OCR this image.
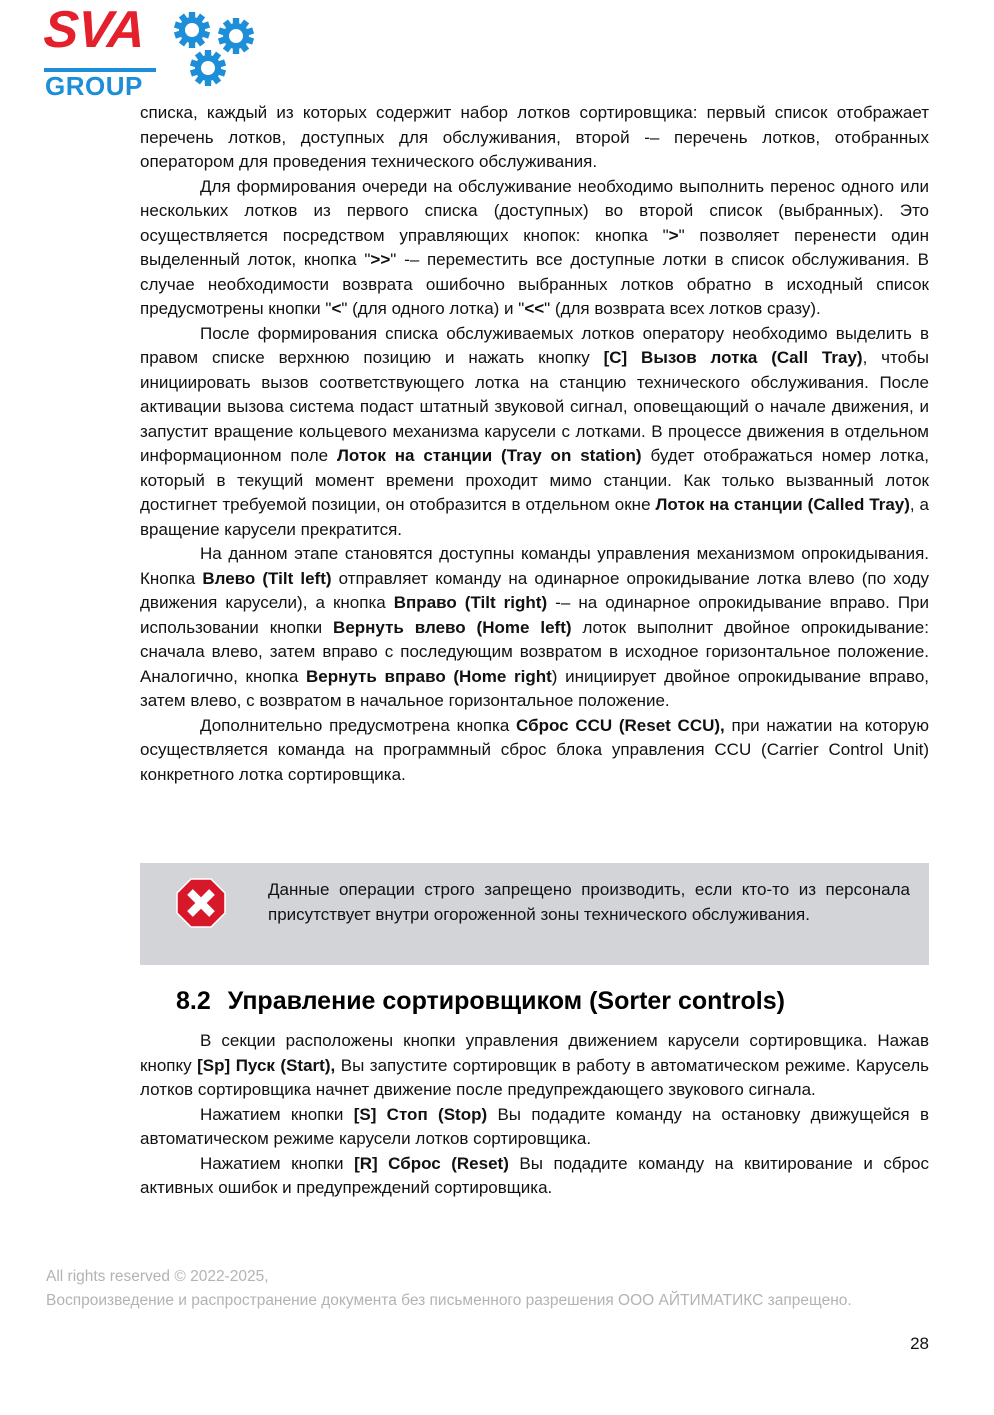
SVA
GROUP

списка, каждый из которых содержит набор лотков сортировщика: первый список отображает перечень лотков, доступных для обслуживания, второй -– перечень лотков, отобранных оператором для проведения технического обслуживания.

Для формирования очереди на обслуживание необходимо выполнить перенос одного или нескольких лотков из первого списка (доступных) во второй список (выбранных). Это осуществляется посредством управляющих кнопок: кнопка ">" позволяет перенести один выделенный лоток, кнопка ">>" -– переместить все доступные лотки в список обслуживания. В случае необходимости возврата ошибочно выбранных лотков обратно в исходный список предусмотрены кнопки "<" (для одного лотка) и "<<" (для возврата всех лотков сразу).

После формирования списка обслуживаемых лотков оператору необходимо выделить в правом списке верхнюю позицию и нажать кнопку [C] Вызов лотка (Call Tray), чтобы инициировать вызов соответствующего лотка на станцию технического обслуживания. После активации вызова система подаст штатный звуковой сигнал, оповещающий о начале движения, и запустит вращение кольцевого механизма карусели с лотками. В процессе движения в отдельном информационном поле Лоток на станции (Tray on station) будет отображаться номер лотка, который в текущий момент времени проходит мимо станции. Как только вызванный лоток достигнет требуемой позиции, он отобразится в отдельном окне Лоток на станции (Called Tray), а вращение карусели прекратится.

На данном этапе становятся доступны команды управления механизмом опрокидывания. Кнопка Влево (Tilt left) отправляет команду на одинарное опрокидывание лотка влево (по ходу движения карусели), а кнопка Вправо (Tilt right) -– на одинарное опрокидывание вправо. При использовании кнопки Вернуть влево (Home left) лоток выполнит двойное опрокидывание: сначала влево, затем вправо с последующим возвратом в исходное горизонтальное положение. Аналогично, кнопка Вернуть вправо (Home right) инициирует двойное опрокидывание вправо, затем влево, с возвратом в начальное горизонтальное положение.

Дополнительно предусмотрена кнопка Сброс CCU (Reset CCU), при нажатии на которую осуществляется команда на программный сброс блока управления CCU (Carrier Control Unit) конкретного лотка сортировщика.

Данные операции строго запрещено производить, если кто-то из персонала присутствует внутри огороженной зоны технического обслуживания.
8.2 Управление сортировщиком (Sorter controls)

В секции расположены кнопки управления движением карусели сортировщика. Нажав кнопку [Sp] Пуск (Start), Вы запустите сортировщик в работу в автоматическом режиме. Карусель лотков сортировщика начнет движение после предупреждающего звукового сигнала.

Нажатием кнопки [S] Стоп (Stop) Вы подадите команду на остановку движущейся в автоматическом режиме карусели лотков сортировщика.

Нажатием кнопки [R] Сброс (Reset) Вы подадите команду на квитирование и сброс активных ошибок и предупреждений сортировщика.

All rights reserved © 2022-2025,
Воспроизведение и распространение документа без письменного разрешения ООО АЙТИМАТИКС запрещено.
28
